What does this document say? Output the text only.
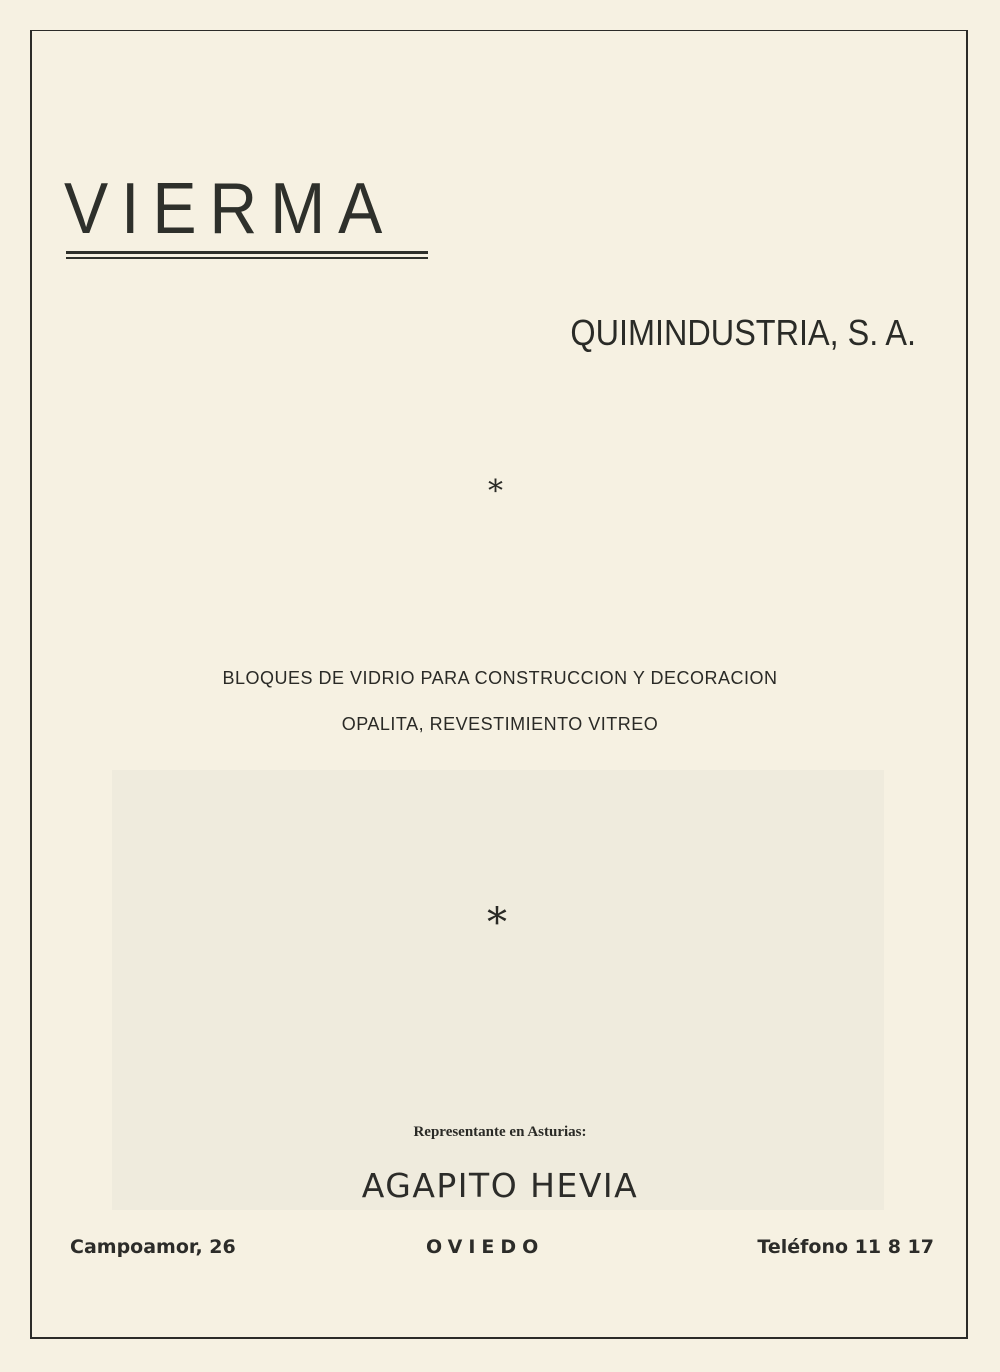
VIERMA
QUIMINDUSTRIA, S. A.
*
BLOQUES DE VIDRIO PARA CONSTRUCCION Y DECORACION
OPALITA, REVESTIMIENTO VITREO
*
Representante en Asturias:
AGAPITO HEVIA
Campoamor, 26	OVIEDO	Teléfono 11 8 17
